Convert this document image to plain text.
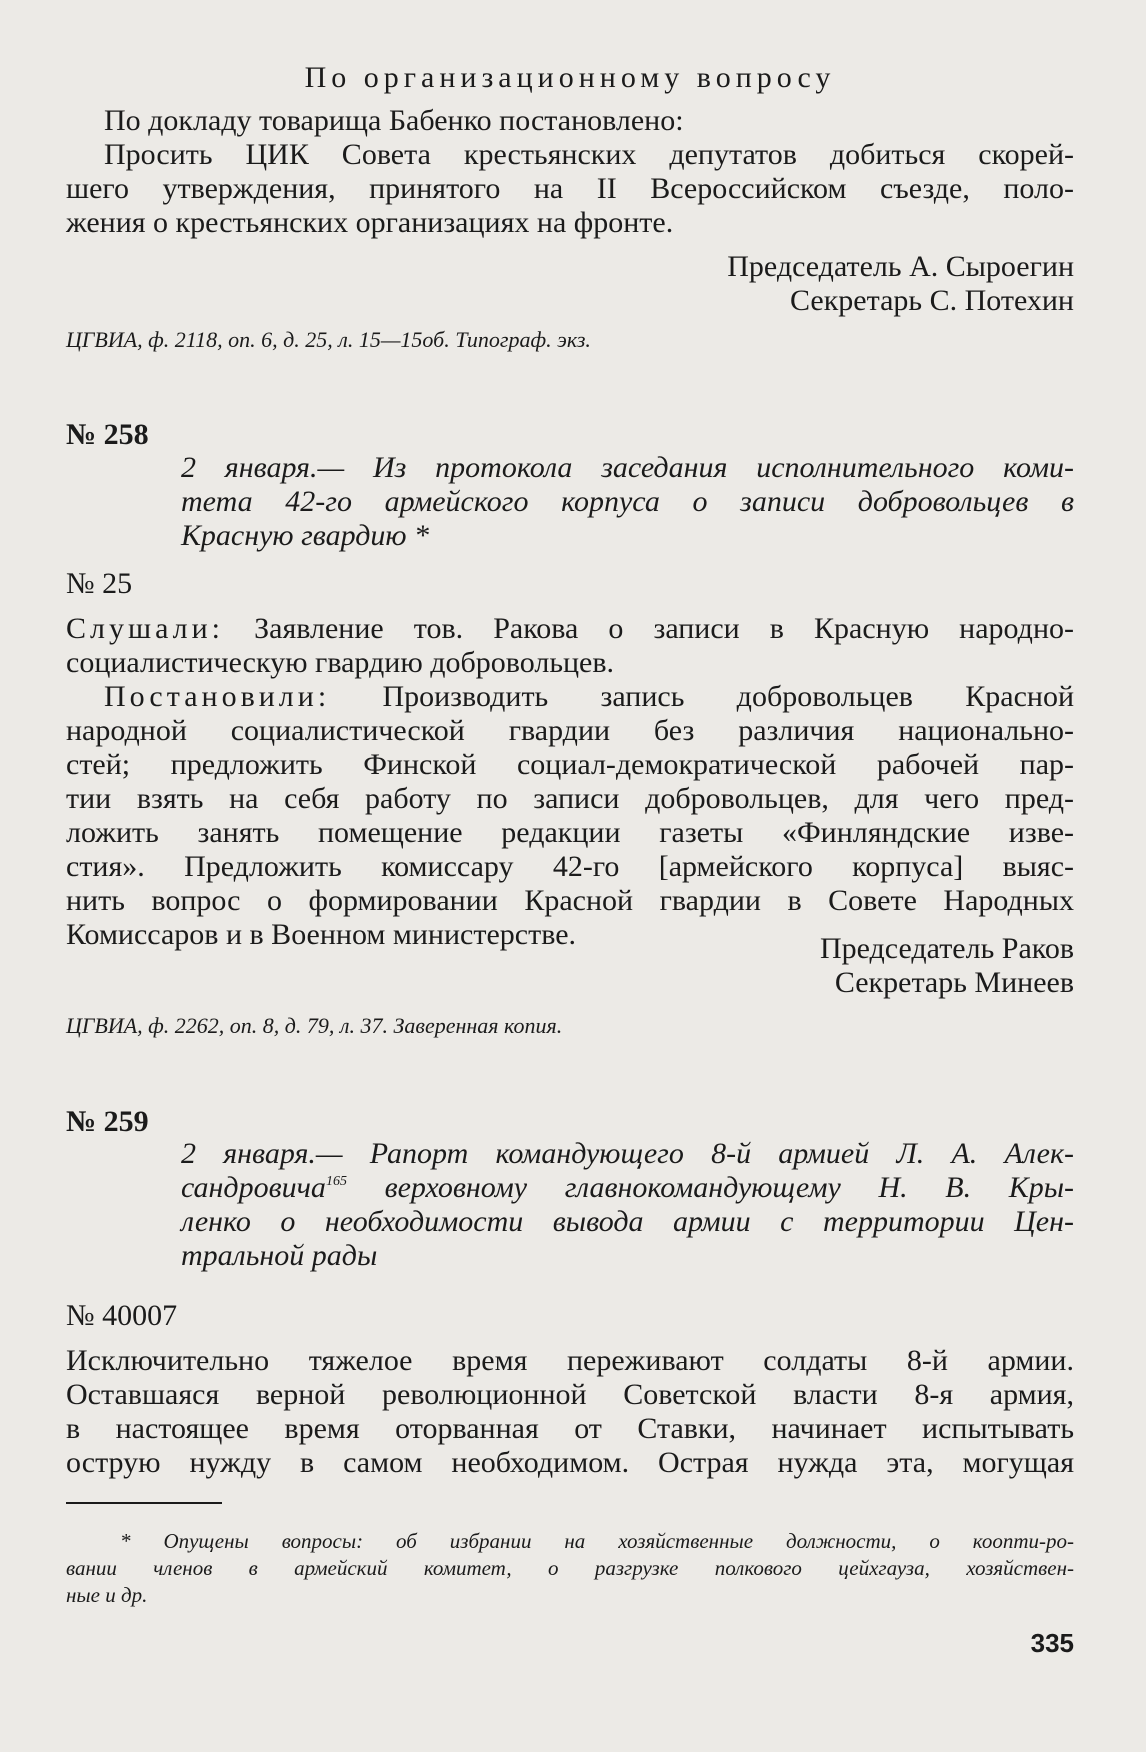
По организационному вопросу
По докладу товарища Бабенко постановлено:
Просить ЦИК Совета крестьянских депутатов добиться скорей-
шего утверждения, принятого на II Всероссийском съезде, поло-
жения о крестьянских организациях на фронте.
Председатель А. Сыроегин
Секретарь С. Потехин
ЦГВИА, ф. 2118, оп. 6, д. 25, л. 15—15об. Типограф. экз.
№ 258
2 января.— Из протокола заседания исполнительного коми-
тета 42-го армейского корпуса о записи добровольцев в
Красную гвардию *
№ 25
Слушали: Заявление тов. Ракова о записи в Красную народно-
социалистическую гвардию добровольцев.
Постановили: Производить запись добровольцев Красной
народной социалистической гвардии без различия национально-
стей; предложить Финской социал-демократической рабочей пар-
тии взять на себя работу по записи добровольцев, для чего пред-
ложить занять помещение редакции газеты «Финляндские изве-
стия». Предложить комиссару 42-го [армейского корпуса] выяс-
нить вопрос о формировании Красной гвардии в Совете Народных
Комиссаров и в Военном министерстве.	Председатель Раков
Секретарь Минеев
ЦГВИА, ф. 2262, оп. 8, д. 79, л. 37. Заверенная копия.
№ 259
2 января.— Рапорт командующего 8-й армией Л. А. Алек-
сандровича$^{165}$ верховному главнокомандующему Н. В. Кры-
ленко о необходимости вывода армии с территории Цен-
тральной рады
№ 40007
Исключительно тяжелое время переживают солдаты 8-й армии.
Оставшаяся верной революционной Советской власти 8-я армия,
в настоящее время оторванная от Ставки, начинает испытывать
острую нужду в самом необходимом. Острая нужда эта, могущая
* Опущены вопросы: об избрании на хозяйственные должности, о коопти-ро-
вании членов в армейский комитет, о разгрузке полкового цейхгауза, хозяйствен-
ные и др.
335
